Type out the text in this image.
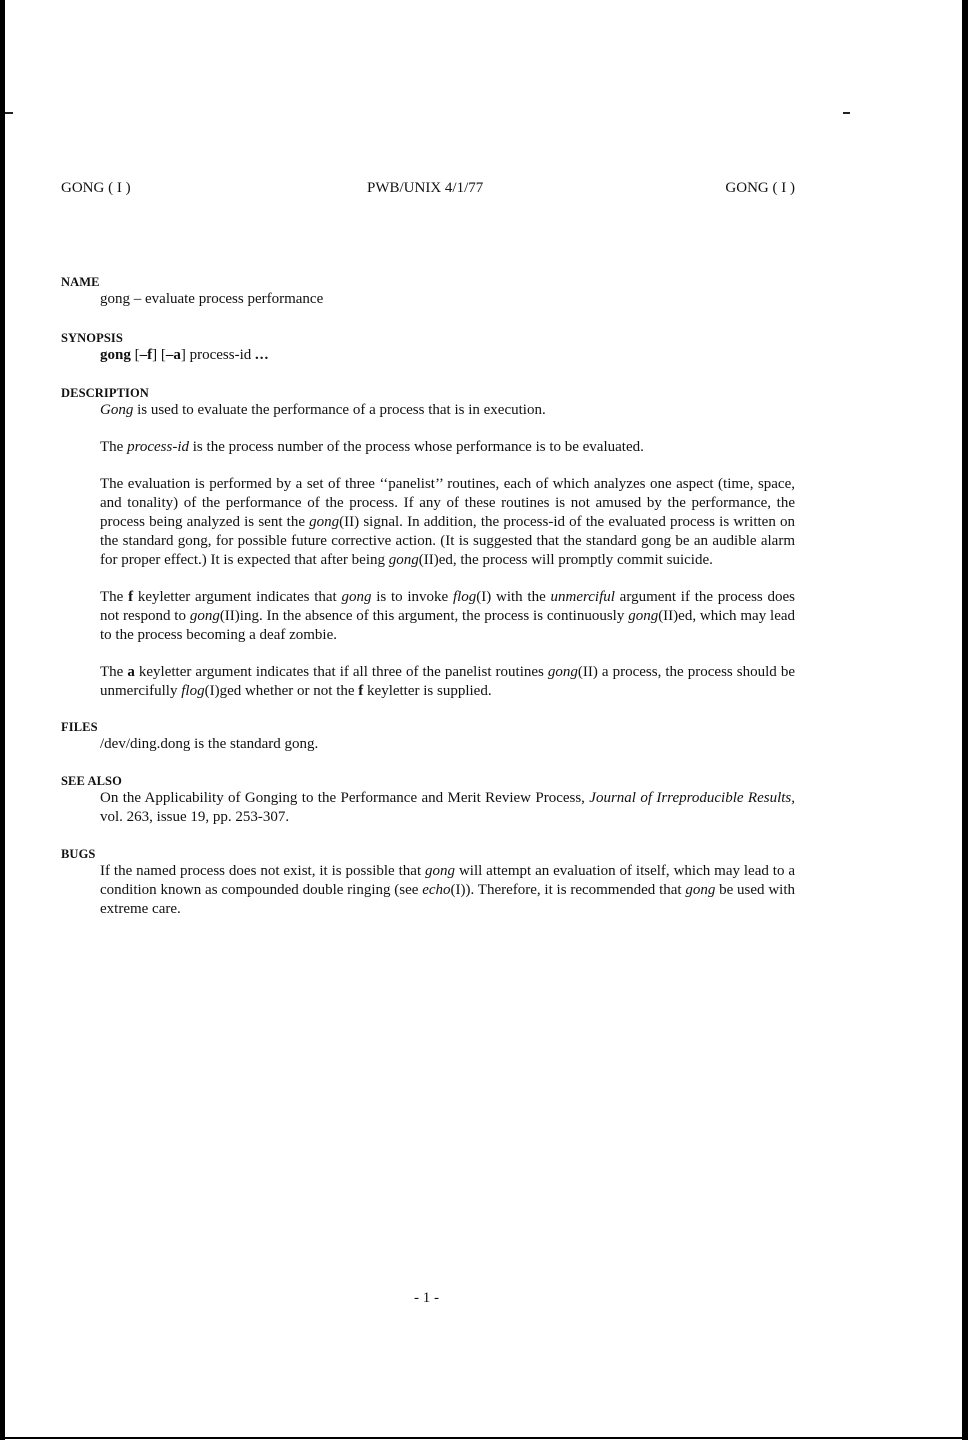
GONG ( I )	PWB/UNIX 4/1/77	GONG ( I )
NAME

gong – evaluate process performance

SYNOPSIS

gong [–f] [–a] process-id ...

DESCRIPTION

Gong is used to evaluate the performance of a process that is in execution.

The process-id is the process number of the process whose performance is to be evaluated.

The evaluation is performed by a set of three ‘‘panelist’’ routines, each of which analyzes one aspect (time, space, and tonality) of the performance of the process. If any of these routines is not amused by the performance, the process being analyzed is sent the gong(II) signal. In addition, the process-id of the evaluated process is written on the standard gong, for possible future corrective action. (It is suggested that the standard gong be an audible alarm for proper effect.) It is expected that after being gong(II)ed, the process will promptly commit suicide.

The f keyletter argument indicates that gong is to invoke flog(I) with the unmerciful argument if the process does not respond to gong(II)ing. In the absence of this argument, the process is continuously gong(II)ed, which may lead to the process becoming a deaf zombie.

The a keyletter argument indicates that if all three of the panelist routines gong(II) a process, the process should be unmercifully flog(I)ged whether or not the f keyletter is supplied.

FILES

/dev/ding.dong is the standard gong.

SEE ALSO

On the Applicability of Gonging to the Performance and Merit Review Process, Journal of Irreproducible Results, vol. 263, issue 19, pp. 253-307.

BUGS

If the named process does not exist, it is possible that gong will attempt an evaluation of itself, which may lead to a condition known as compounded double ringing (see echo(I)). Therefore, it is recommended that gong be used with extreme care.

- 1 -
